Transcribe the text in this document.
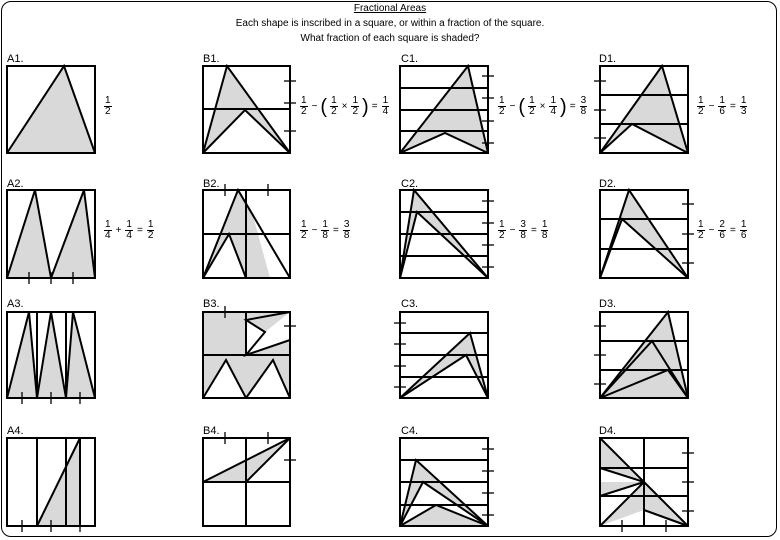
Fractional Areas
Each shape is inscribed in a square, or within a fraction of the square.
What fraction of each square is shaded?
A1.	B1.	C1.	D1.
A2.	B2.	C2.	D2.
A3.	B3.	C3.	D3.
A4.	B4.	C4.	D4.
$\frac{1}{2}$	$\frac{1}{2}$ − ( $\frac{1}{2} \times \frac{1}{2}$ ) = $\frac{1}{4}$	$\frac{1}{2}$ − ( $\frac{1}{2} \times \frac{1}{4}$ ) = $\frac{3}{8}$	$\frac{1}{2} - \frac{1}{6} = \frac{1}{3}$
$\frac{1}{4} + \frac{1}{4} = \frac{1}{2}$	$\frac{1}{2} - \frac{1}{8} = \frac{3}{8}$	$\frac{1}{2} - \frac{3}{8} = \frac{1}{8}$	$\frac{1}{2} - \frac{2}{6} = \frac{1}{6}$
